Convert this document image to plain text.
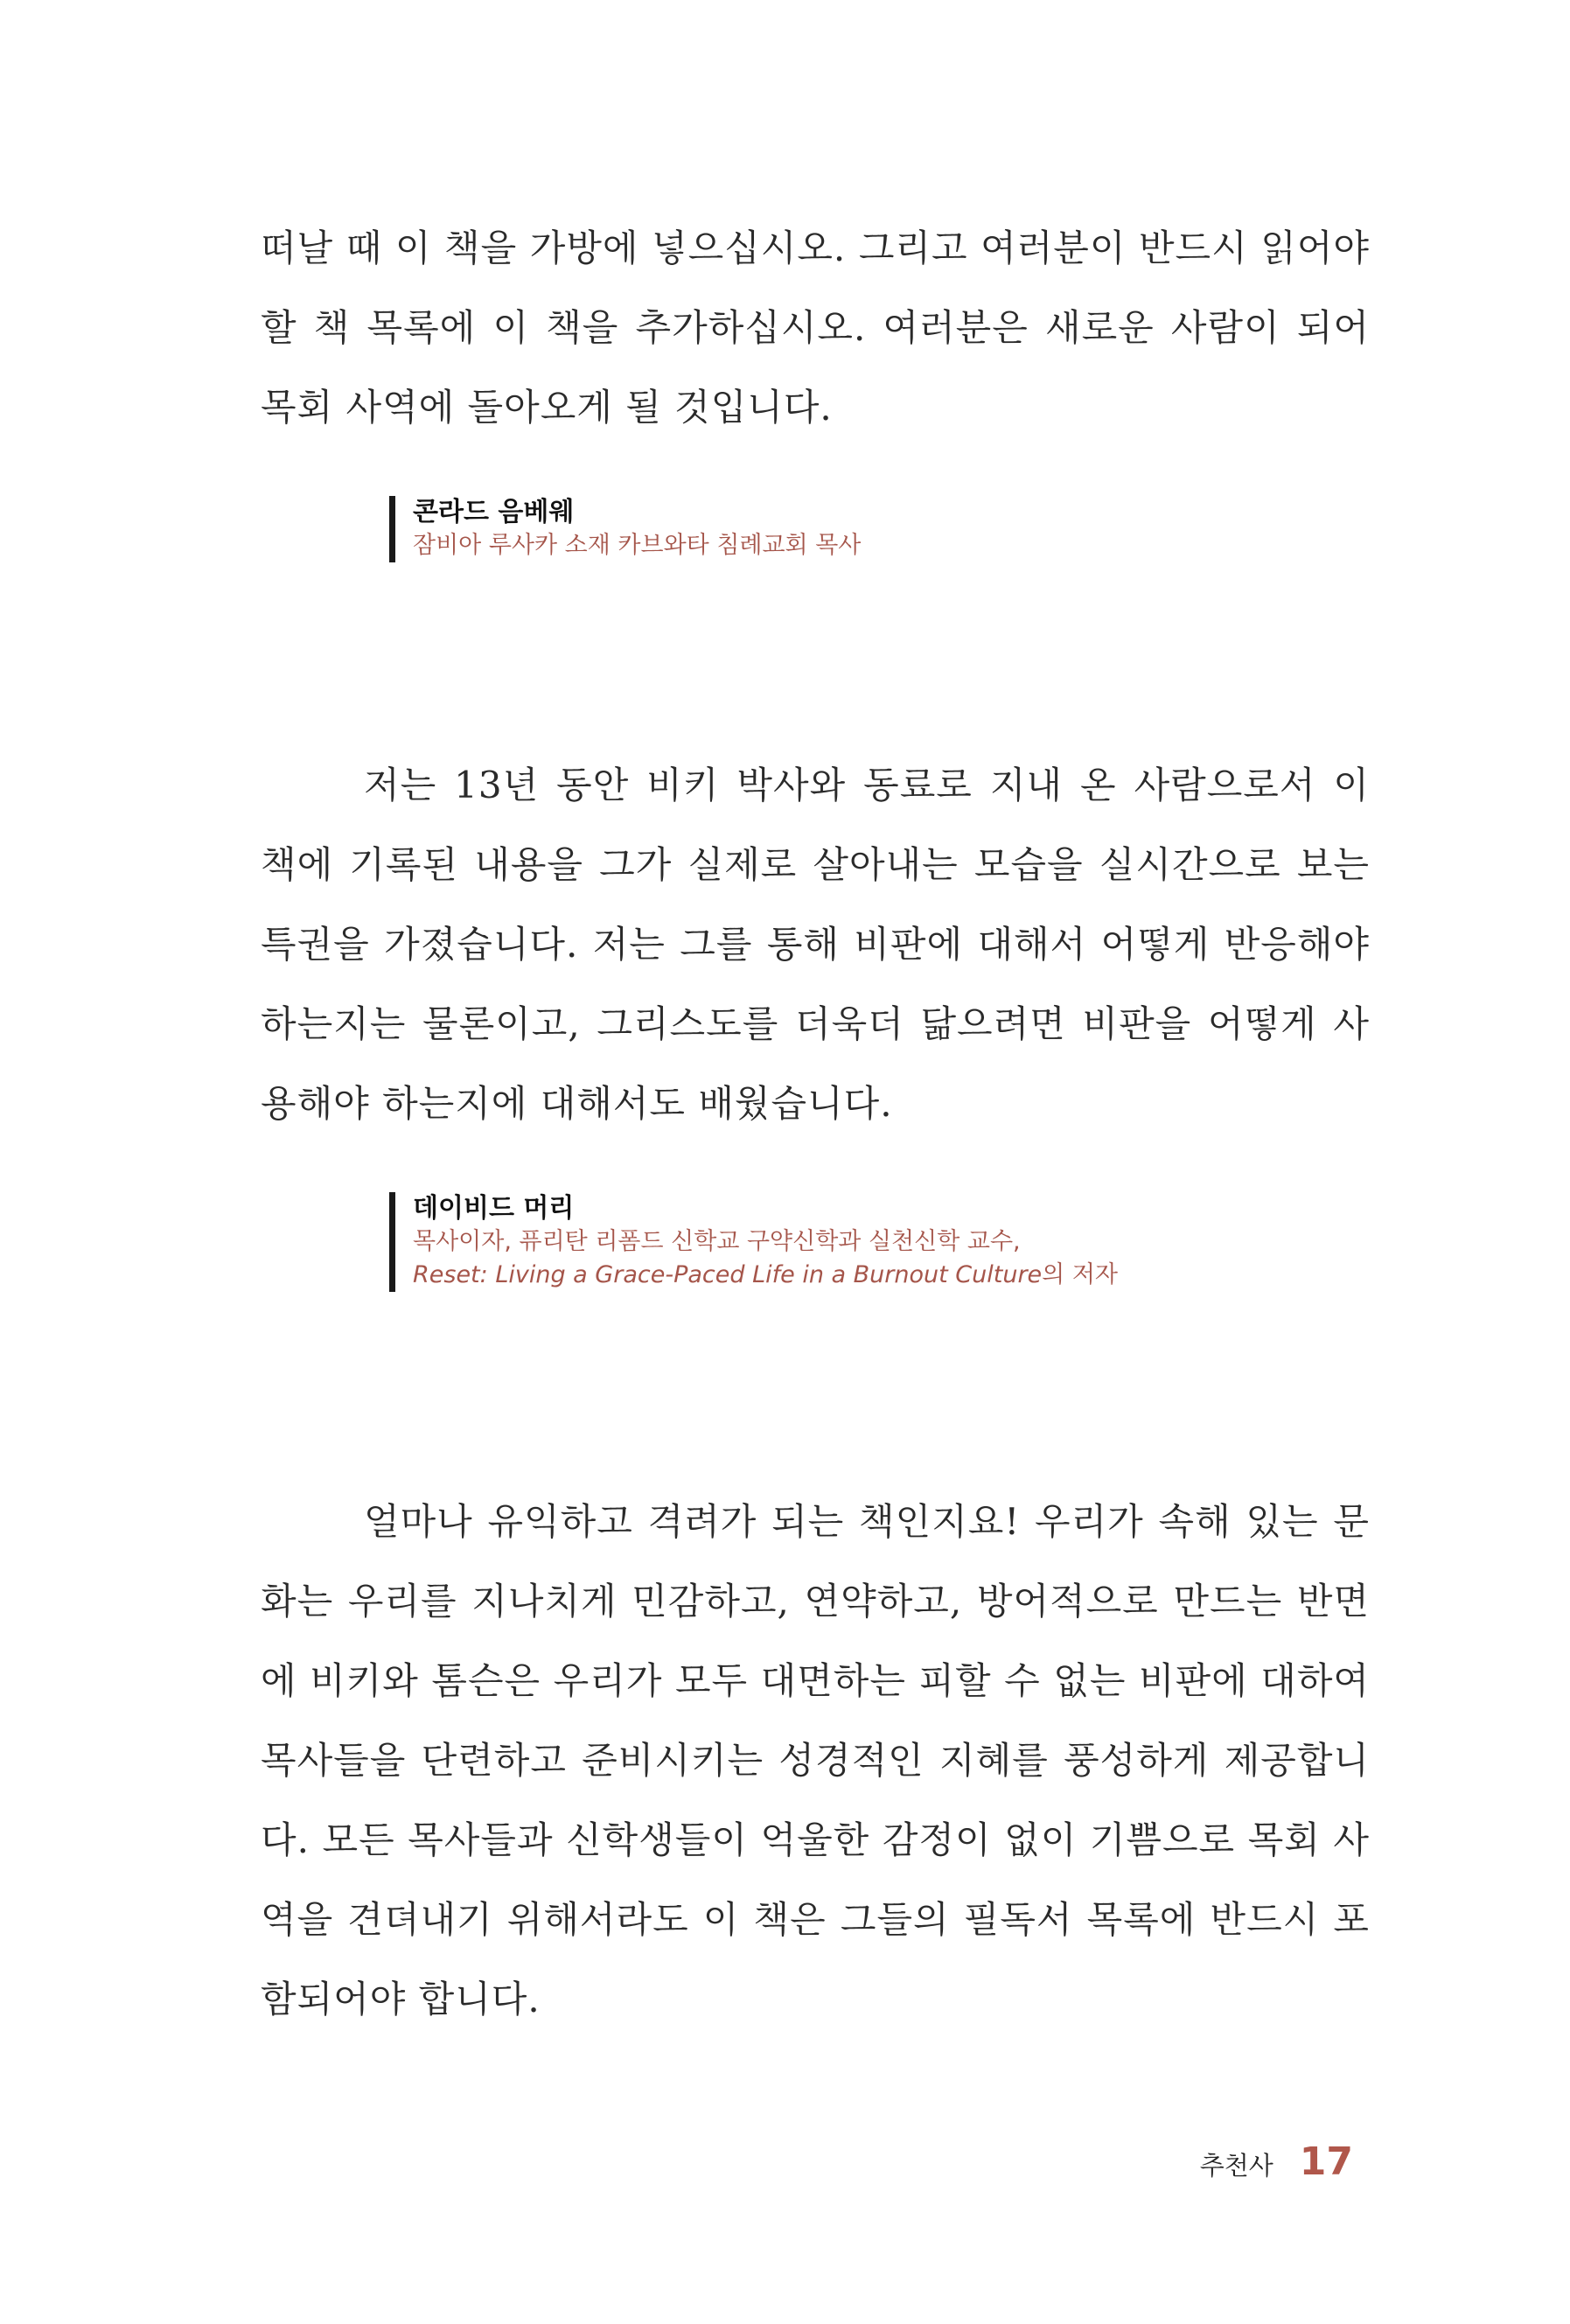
떠날 때 이 책을 가방에 넣으십시오. 그리고 여러분이 반드시 읽어야 할 책 목록에 이 책을 추가하십시오. 여러분은 새로운 사람이 되어 목회 사역에 돌아오게 될 것입니다.

콘라드 음베웨
잠비아 루사카 소재 카브와타 침례교회 목사

저는 13년 동안 비키 박사와 동료로 지내 온 사람으로서 이 책에 기록된 내용을 그가 실제로 살아내는 모습을 실시간으로 보는 특권을 가졌습니다. 저는 그를 통해 비판에 대해서 어떻게 반응해야 하는지는 물론이고, 그리스도를 더욱더 닮으려면 비판을 어떻게 사용해야 하는지에 대해서도 배웠습니다.

데이비드 머리
목사이자, 퓨리탄 리폼드 신학교 구약신학과 실천신학 교수,
Reset: Living a Grace-Paced Life in a Burnout Culture의 저자

얼마나 유익하고 격려가 되는 책인지요! 우리가 속해 있는 문화는 우리를 지나치게 민감하고, 연약하고, 방어적으로 만드는 반면에 비키와 톰슨은 우리가 모두 대면하는 피할 수 없는 비판에 대하여 목사들을 단련하고 준비시키는 성경적인 지혜를 풍성하게 제공합니다. 모든 목사들과 신학생들이 억울한 감정이 없이 기쁨으로 목회 사역을 견뎌내기 위해서라도 이 책은 그들의 필독서 목록에 반드시 포함되어야 합니다.

추천사 17
